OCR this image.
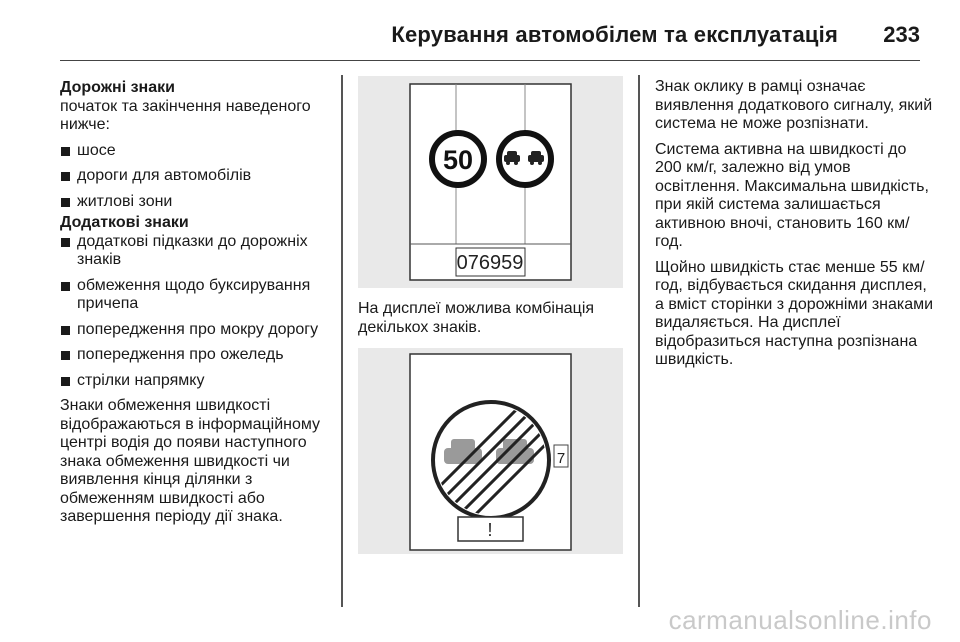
Керування автомобілем та експлуатація 233
Дорожні знаки

початок та закінчення наведеного нижче:

шосе
дороги для автомобілів
житлові зони
Додаткові знаки
додаткові підказки до дорожніх знаків
обмеження щодо буксирування причепа
попередження про мокру дорогу
попередження про ожеледь
стрілки напрямку

Знаки обмеження швидкості відображаються в інформаційному центрі водія до появи наступного знака обмеження швидкості чи виявлення кінця ділянки з обмеженням швидкості або завершення періоду дії знака.

50
076959

На дисплеї можлива комбінація декількох знаків.

7
!

Знак оклику в рамці означає виявлення додаткового сигналу, який система не може розпізнати.

Система активна на швидкості до 200 км/г, залежно від умов освітлення. Максимальна швидкість, при якій система залишається активною вночі, становить 160 км/год.

Щойно швидкість стає менше 55 км/год, відбувається скидання дисплея, а вміст сторінки з дорожніми знаками видаляється. На дисплеї відобразиться наступна розпізнана швидкість.

carmanualsonline.info
